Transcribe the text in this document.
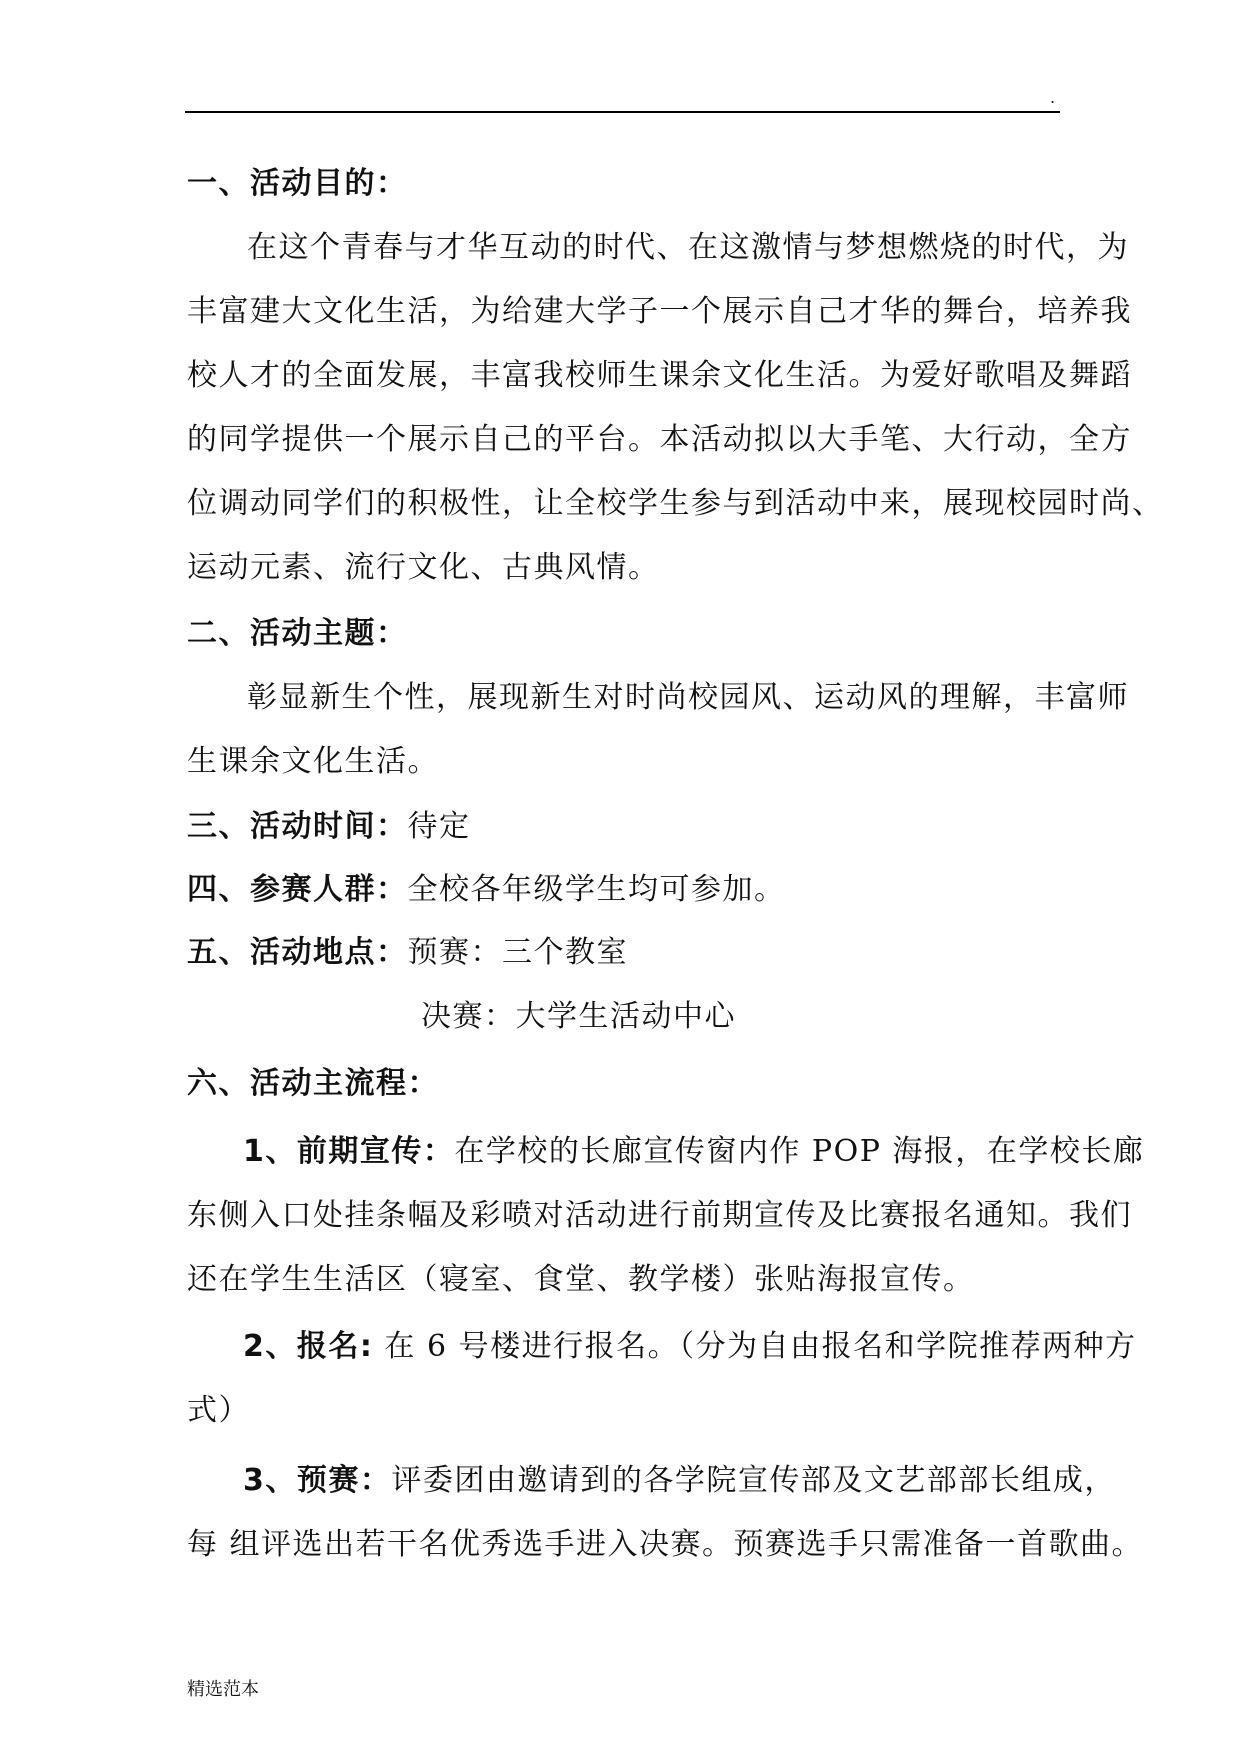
.
一、活动目的：
在这个青春与才华互动的时代、在这激情与梦想燃烧的时代，为
丰富建大文化生活，为给建大学子一个展示自己才华的舞台，培养我
校人才的全面发展，丰富我校师生课余文化生活。为爱好歌唱及舞蹈
的同学提供一个展示自己的平台。本活动拟以大手笔、大行动，全方
位调动同学们的积极性，让全校学生参与到活动中来，展现校园时尚、
运动元素、流行文化、古典风情。
二、活动主题：
彰显新生个性，展现新生对时尚校园风、运动风的理解，丰富师
生课余文化生活。
三、活动时间：待定
四、参赛人群：全校各年级学生均可参加。
五、活动地点：预赛：三个教室
决赛：大学生活动中心
六、活动主流程：
1、前期宣传：在学校的长廊宣传窗内作 POP 海报，在学校长廊
东侧入口处挂条幅及彩喷对活动进行前期宣传及比赛报名通知。我们
还在学生生活区（寝室、食堂、教学楼）张贴海报宣传。
2、报名: 在 6 号楼进行报名。（分为自由报名和学院推荐两种方
式）
3、预赛：评委团由邀请到的各学院宣传部及文艺部部长组成，
每 组评选出若干名优秀选手进入决赛。预赛选手只需准备一首歌曲。
精选范本
